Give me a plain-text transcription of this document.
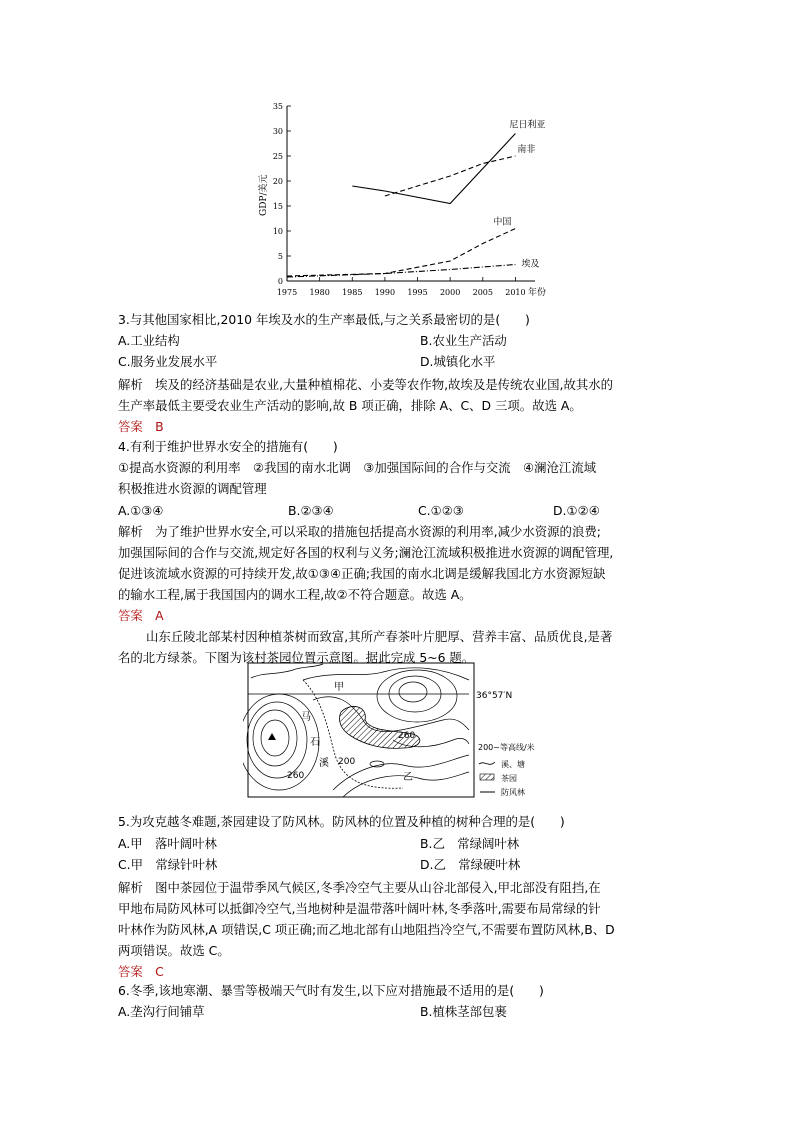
0
5
10
15
20
25
30
35
1975 1980 1985 1990 1995 2000 2005 2010
尼日利亚
南非
中国
埃及
GDP/美元
年份
甲
乙
马
石
溪 200
260
260
36°57′N
200~等高线/米
溪、塘
茶园
防风林
3.与其他国家相比,2010 年埃及水的生产率最低,与之关系最密切的是(　　)
A.工业结构	B.农业生产活动
C.服务业发展水平	D.城镇化水平
解析　埃及的经济基础是农业,大量种植棉花、小麦等农作物,故埃及是传统农业国,故其水的
生产率最低主要受农业生产活动的影响,故 B 项正确，排除 A、C、D 三项。故选 A。
答案　B
4.有利于维护世界水安全的措施有(　　)
①提高水资源的利用率　②我国的南水北调　③加强国际间的合作与交流　④澜沧江流域
积极推进水资源的调配管理
A.①③④	B.②③④	C.①②③	D.①②④
解析　为了维护世界水安全,可以采取的措施包括提高水资源的利用率,减少水资源的浪费;
加强国际间的合作与交流,规定好各国的权利与义务;澜沧江流域积极推进水资源的调配管理,
促进该流域水资源的可持续开发,故①③④正确;我国的南水北调是缓解我国北方水资源短缺
的输水工程,属于我国国内的调水工程,故②不符合题意。故选 A。
答案　A
山东丘陵北部某村因种植茶树而致富,其所产春茶叶片肥厚、营养丰富、品质优良,是著
名的北方绿茶。下图为该村茶园位置示意图。据此完成 5~6 题。
5.为攻克越冬难题,茶园建设了防风林。防风林的位置及种植的树种合理的是(　　)
A.甲　落叶阔叶林	B.乙　常绿阔叶林
C.甲　常绿针叶林	D.乙　常绿硬叶林
解析　图中茶园位于温带季风气候区,冬季冷空气主要从山谷北部侵入,甲北部没有阻挡,在
甲地布局防风林可以抵御冷空气,当地树种是温带落叶阔叶林,冬季落叶,需要布局常绿的针
叶林作为防风林,A 项错误,C 项正确;而乙地北部有山地阻挡冷空气,不需要布置防风林,B、D
两项错误。故选 C。
答案　C
6.冬季,该地寒潮、暴雪等极端天气时有发生,以下应对措施最不适用的是(　　)
A.垄沟行间铺草	B.植株茎部包裹
